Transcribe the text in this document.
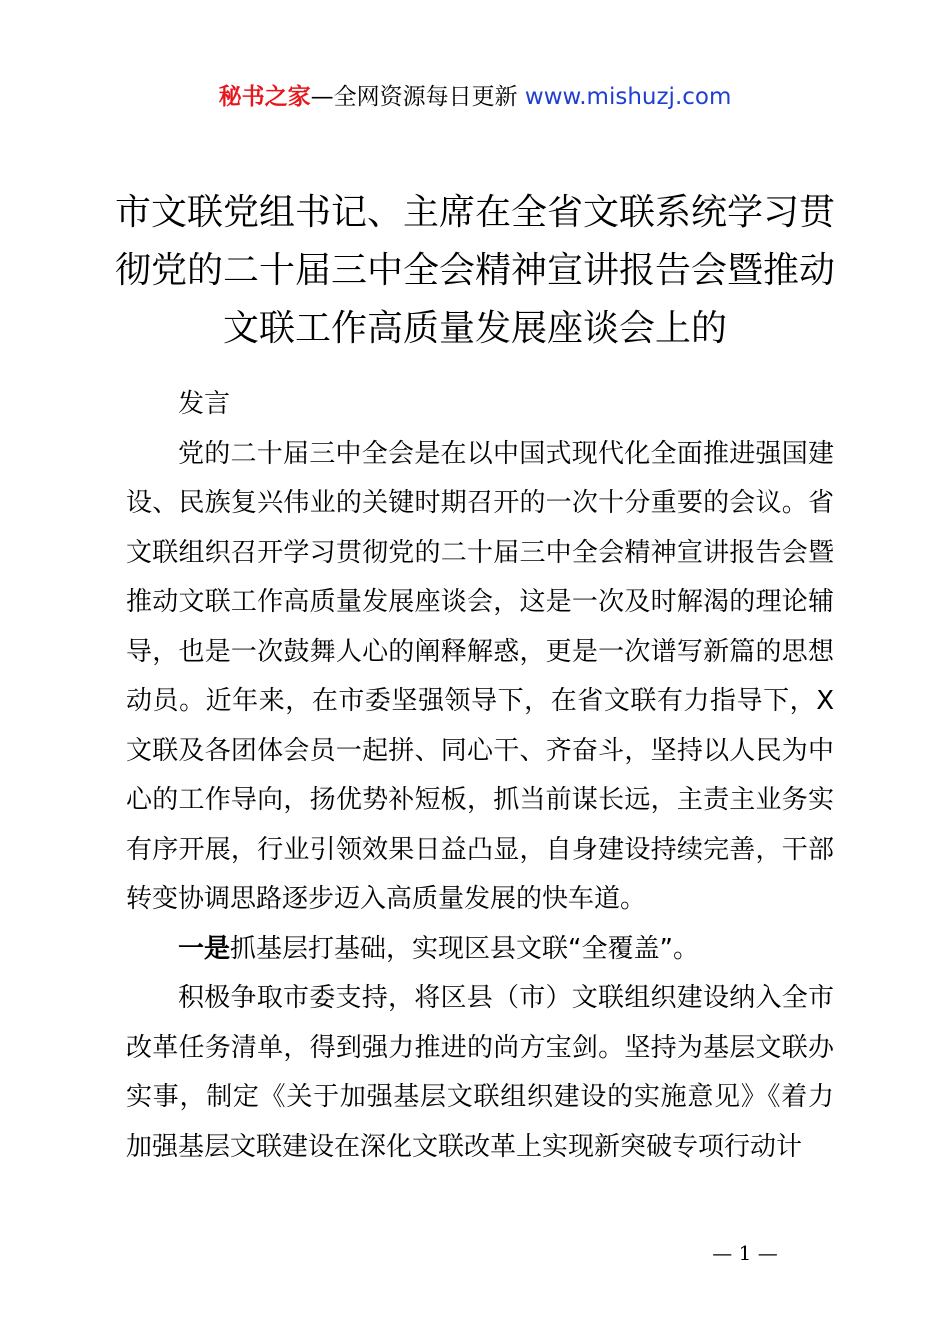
秘书之家—全网资源每日更新 www.mishuzj.com
市文联党组书记、主席在全省文联系统学习贯彻党的二十届三中全会精神宣讲报告会暨推动文联工作高质量发展座谈会上的

发言

党的二十届三中全会是在以中国式现代化全面推进强国建设、民族复兴伟业的关键时期召开的一次十分重要的会议。省文联组织召开学习贯彻党的二十届三中全会精神宣讲报告会暨推动文联工作高质量发展座谈会，这是一次及时解渴的理论辅导，也是一次鼓舞人心的阐释解惑，更是一次谱写新篇的思想动员。近年来，在市委坚强领导下，在省文联有力指导下，X文联及各团体会员一起拼、同心干、齐奋斗，坚持以人民为中心的工作导向，扬优势补短板，抓当前谋长远，主责主业务实有序开展，行业引领效果日益凸显，自身建设持续完善，干部转变协调思路逐步迈入高质量发展的快车道。

一是抓基层打基础，实现区县文联“全覆盖”。

积极争取市委支持，将区县（市）文联组织建设纳入全市改革任务清单，得到强力推进的尚方宝剑。坚持为基层文联办实事，制定《关于加强基层文联组织建设的实施意见》《着力加强基层文联建设在深化文联改革上实现新突破专项行动计

— 1 —
